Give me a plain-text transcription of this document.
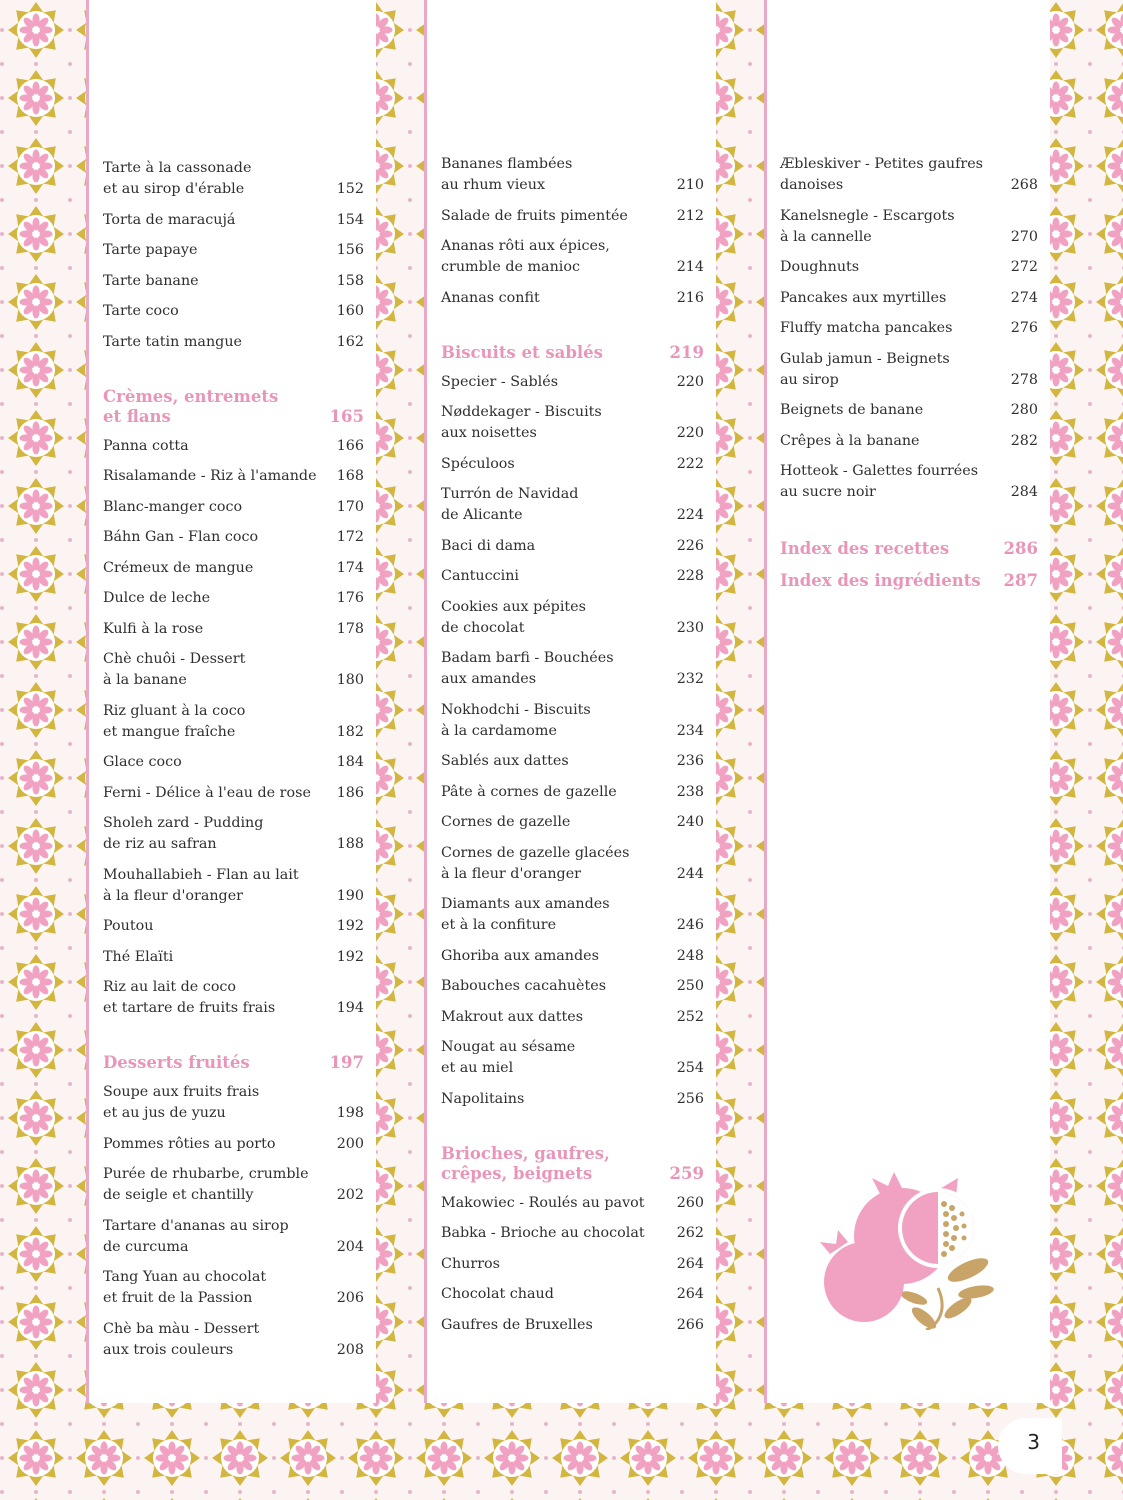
Tarte à la cassonade
et au sirop d'érable	152
Torta de maracujá	154
Tarte papaye	156
Tarte banane	158
Tarte coco	160
Tarte tatin mangue	162
Crèmes, entremets
et flans	165
Panna cotta	166
Risalamande - Riz à l'amande 168
Blanc-manger coco	170
Báhn Gan - Flan coco	172
Crémeux de mangue	174
Dulce de leche	176
Kulfi à la rose	178
Chè chuôi - Dessert
à la banane	180
Riz gluant à la coco
et mangue fraîche	182
Glace coco	184
Ferni - Délice à l'eau de rose 186
Sholeh zard - Pudding
de riz au safran	188
Mouhallabieh - Flan au lait
à la fleur d'oranger	190
Poutou	192
Thé Elaïti	192
Riz au lait de coco
et tartare de fruits frais	194
Desserts fruités	197
Soupe aux fruits frais
et au jus de yuzu	198
Pommes rôties au porto	200
Purée de rhubarbe, crumble
de seigle et chantilly	202
Tartare d'ananas au sirop
de curcuma	204
Tang Yuan au chocolat
et fruit de la Passion	206
Chè ba màu - Dessert
aux trois couleurs	208
Bananes flambées
au rhum vieux	210
Salade de fruits pimentée	212
Ananas rôti aux épices,
crumble de manioc	214
Ananas confit	216
Biscuits et sablés	219
Specier - Sablés	220
Nøddekager - Biscuits
aux noisettes	220
Spéculoos	222
Turrón de Navidad
de Alicante	224
Baci di dama	226
Cantuccini	228
Cookies aux pépites
de chocolat	230
Badam barfi - Bouchées
aux amandes	232
Nokhodchi - Biscuits
à la cardamome	234
Sablés aux dattes	236
Pâte à cornes de gazelle	238
Cornes de gazelle	240
Cornes de gazelle glacées
à la fleur d'oranger	244
Diamants aux amandes
et à la confiture	246
Ghoriba aux amandes	248
Babouches cacahuètes	250
Makrout aux dattes	252
Nougat au sésame
et au miel	254
Napolitains	256
Brioches, gaufres,
crêpes, beignets	259
Makowiec - Roulés au pavot 260
Babka - Brioche au chocolat 262
Churros	264
Chocolat chaud	264
Gaufres de Bruxelles	266
Æbleskiver - Petites gaufres
danoises	268
Kanelsnegle - Escargots
à la cannelle	270
Doughnuts	272
Pancakes aux myrtilles	274
Fluffy matcha pancakes	276
Gulab jamun - Beignets
au sirop	278
Beignets de banane	280
Crêpes à la banane	282
Hotteok - Galettes fourrées
au sucre noir	284
Index des recettes	286
Index des ingrédients 287
3
